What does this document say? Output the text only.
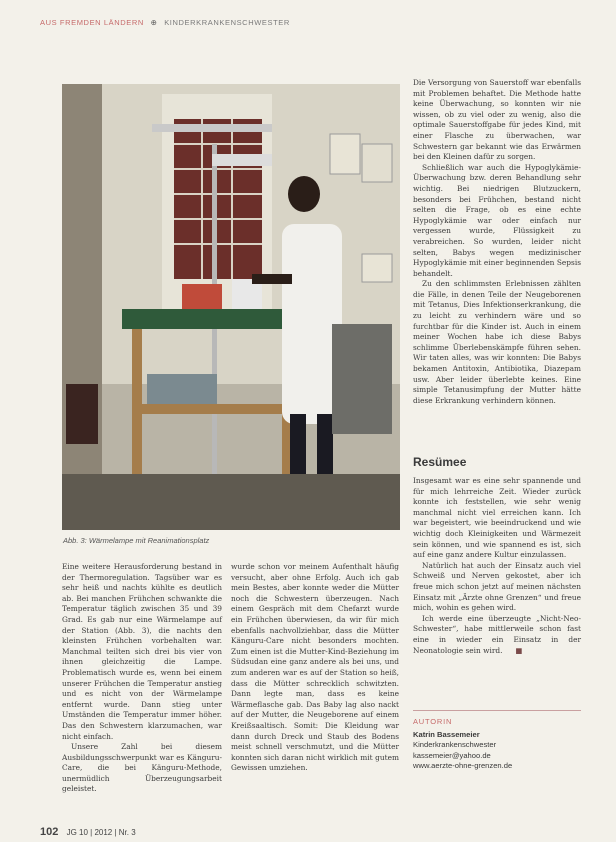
AUS FREMDEN LÄNDERN ⊕ KINDERKRANKENSCHWESTER
Abb. 3: Wärmelampe mit Reanimationsplatz

Eine weitere Herausforderung bestand in der Thermoregulation. Tagsüber war es sehr heiß und nachts kühlte es deutlich ab. Bei manchen Frühchen schwankte die Temperatur täglich zwischen 35 und 39 Grad. Es gab nur eine Wärmelampe auf der Station (Abb. 3), die nachts den kleinsten Frühchen vorbehalten war. Manchmal teilten sich drei bis vier von ihnen gleichzeitig die Lampe. Problematisch wurde es, wenn bei einem unserer Frühchen die Temperatur anstieg und es nicht von der Wärmelampe entfernt wurde. Dann stieg unter Umständen die Temperatur immer höher. Das den Schwestern klarzumachen, war nicht einfach.

Unsere Zahl bei diesem Ausbildungsschwerpunkt war es Känguru-Care, die bei Känguru-Methode, unermüdlich Überzeugungsarbeit geleistet.

wurde schon vor meinem Aufenthalt häufig versucht, aber ohne Erfolg. Auch ich gab mein Bestes, aber konnte weder die Mütter noch die Schwestern überzeugen. Nach einem Gespräch mit dem Chefarzt wurde ein Frühchen überwiesen, da wir für mich ebenfalls nachvollziehbar, dass die Mütter Känguru-Care nicht besonders mochten. Zum einen ist die Mutter-Kind-Beziehung im Südsudan eine ganz andere als bei uns, und zum anderen war es auf der Station so heiß, dass die Mütter schrecklich schwitzten. Dann legte man, dass es keine Wärmeflasche gab. Das Baby lag also nackt auf der Mutter, die Neugeborene auf einem Kreißsaaltisch. Somit: Die Kleidung war dann durch Dreck und Staub des Bodens meist schnell verschmutzt, und die Mütter konnten sich daran nicht wirklich mit gutem Gewissen umziehen.

Die Versorgung von Sauerstoff war ebenfalls mit Problemen behaftet. Die Methode hatte keine Überwachung, so konnten wir nie wissen, ob zu viel oder zu wenig, also die optimale Sauerstoffgabe für jedes Kind, mit einer Flasche zu überwachen, war Schwestern gar bekannt wie das Erwärmen bei den Kleinen dafür zu sorgen.

Schließlich war auch die Hypoglykämie-Überwachung bzw. deren Behandlung sehr wichtig. Bei niedrigen Blutzuckern, besonders bei Frühchen, bestand nicht selten die Frage, ob es eine echte Hypoglykämie war oder einfach nur vergessen wurde, Flüssigkeit zu verabreichen. So wurden, leider nicht selten, Babys wegen medizinischer Hypoglykämie mit einer beginnenden Sepsis behandelt.

Zu den schlimmsten Erlebnissen zählten die Fälle, in denen Teile der Neugeborenen mit Tetanus, Dies Infektionserkrankung, die zu leicht zu verhindern wäre und so furchtbar für die Kinder ist. Auch in einem meiner Wochen habe ich diese Babys schlimme Überlebenskämpfe führen sehen. Wir taten alles, was wir konnten: Die Babys bekamen Antitoxin, Antibiotika, Diazepam usw. Aber leider überlebte keines. Eine simple Tetanusimpfung der Mutter hätte diese Erkrankung verhindern können.

Resümee

Insgesamt war es eine sehr spannende und für mich lehrreiche Zeit. Wieder zurück konnte ich feststellen, wie sehr wenig manchmal nicht viel erreichen kann. Ich war begeistert, wie beeindruckend und wie wichtig doch Kleinigkeiten und Wärmezeit sein können, und wie spannend es ist, sich auf eine ganz andere Kultur einzulassen.

Natürlich hat auch der Einsatz auch viel Schweiß und Nerven gekostet, aber ich freue mich schon jetzt auf meinen nächsten Einsatz mit „Ärzte ohne Grenzen“ und freue mich, wohin es gehen wird.

Ich werde eine überzeugte „Nicht-Neo-Schwester“, habe mittlerweile schon fast eine in wieder ein Einsatz in der Neonatologie sein wird. ■

AUTORIN
Katrin Bassemeier
Kinderkrankenschwester
kassemeier@yahoo.de
www.aerzte-ohne-grenzen.de
102 JG 10 | 2012 | Nr. 3
